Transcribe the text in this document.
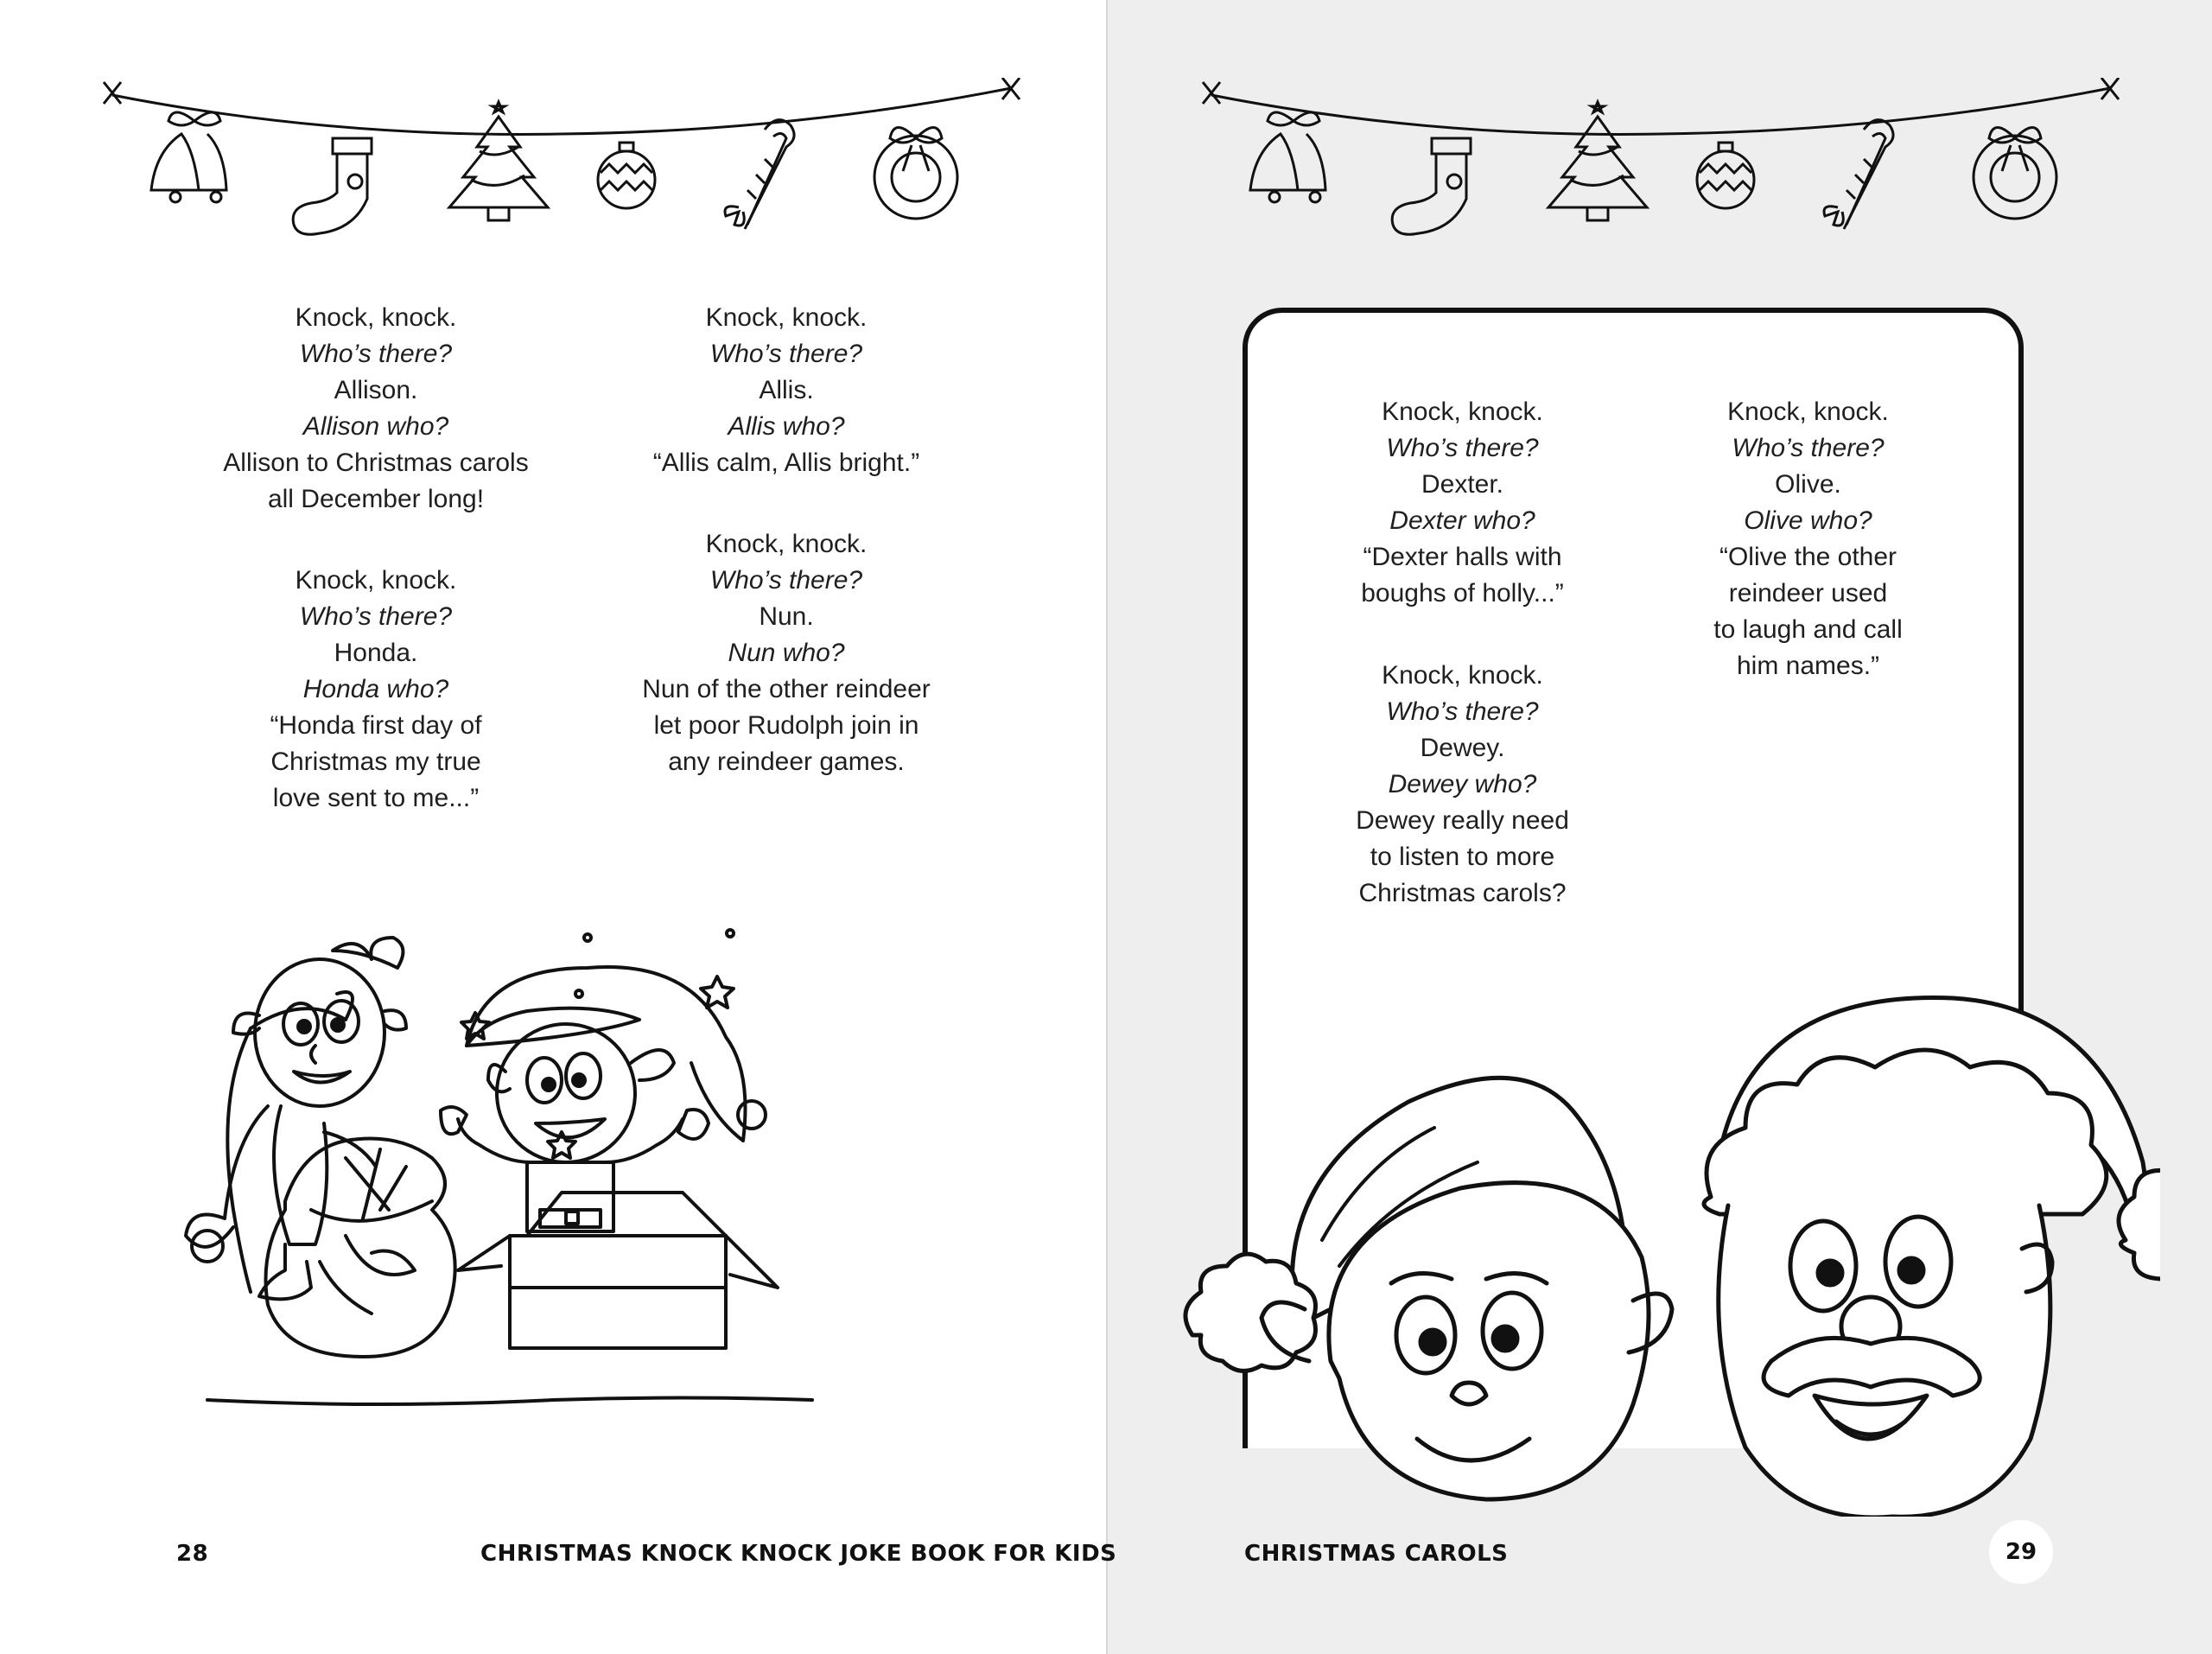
Knock, knock.
Who’s there?
Allison.
Allison who?
Allison to Christmas carols
all December long!
Knock, knock.
Who’s there?
Allis.
Allis who?
“Allis calm, Allis bright.”
Knock, knock.
Who’s there?
Honda.
Honda who?
“Honda first day of
Christmas my true
love sent to me...”
Knock, knock.
Who’s there?
Nun.
Nun who?
Nun of the other reindeer
let poor Rudolph join in
any reindeer games.
28	CHRISTMAS KNOCK KNOCK JOKE BOOK FOR KIDS
Knock, knock.
Who’s there?
Dexter.
Dexter who?
“Dexter halls with
boughs of holly...”
Knock, knock.
Who’s there?
Olive.
Olive who?
“Olive the other
reindeer used
to laugh and call
him names.”
Knock, knock.
Who’s there?
Dewey.
Dewey who?
Dewey really need
to listen to more
Christmas carols?
CHRISTMAS CAROLS	29
